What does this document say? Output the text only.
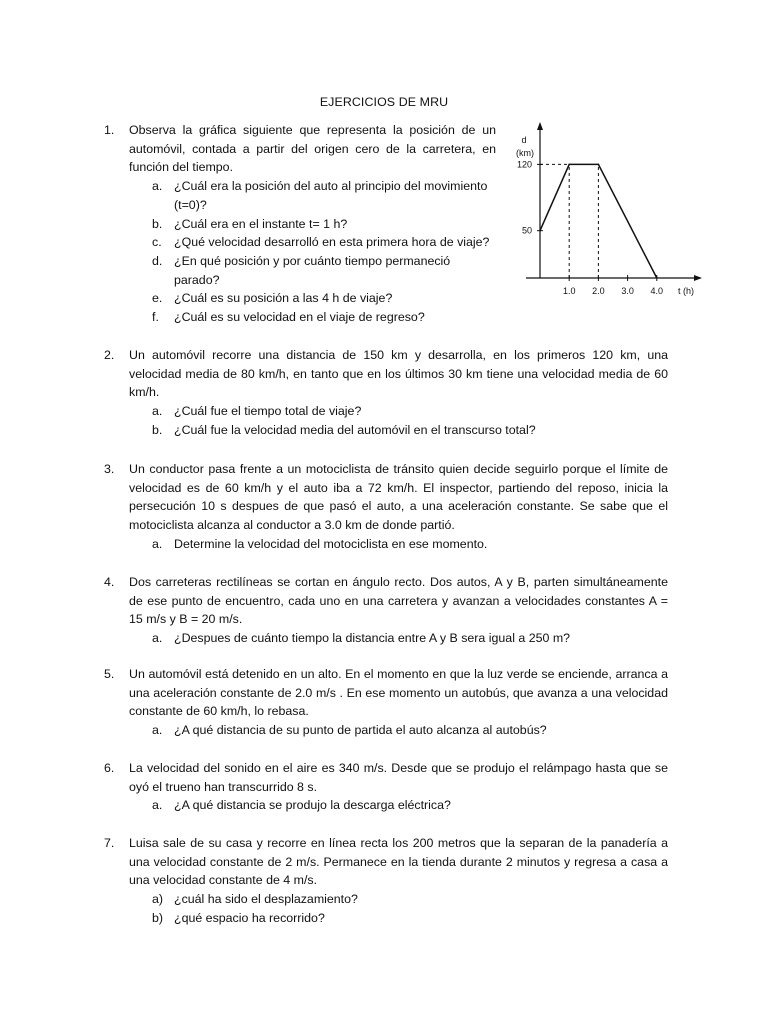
EJERCICIOS DE MRU
1. Observa la gráfica siguiente que representa la posición de un automóvil, contada a partir del origen cero de la carretera, en función del tiempo.
a. ¿Cuál era la posición del auto al principio del movimiento (t=0)?
b. ¿Cuál era en el instante t= 1 h?
c. ¿Qué velocidad desarrolló en esta primera hora de viaje?
d. ¿En qué posición y por cuánto tiempo permaneció parado?
e. ¿Cuál es su posición a las 4 h de viaje?
f. ¿Cuál es su velocidad en el viaje de regreso?
d
(km)
t (h)
1.0 2.0 3.0 4.0
50
120
2. Un automóvil recorre una distancia de 150 km y desarrolla, en los primeros 120 km, una velocidad media de 80 km/h, en tanto que en los últimos 30 km tiene una velocidad media de 60 km/h.
a. ¿Cuál fue el tiempo total de viaje?
b. ¿Cuál fue la velocidad media del automóvil en el transcurso total?
3. Un conductor pasa frente a un motociclista de tránsito quien decide seguirlo porque el límite de velocidad es de 60 km/h y el auto iba a 72 km/h. El inspector, partiendo del reposo, inicia la persecución 10 s despues de que pasó el auto, a una aceleración constante. Se sabe que el motociclista alcanza al conductor a 3.0 km de donde partió.
a. Determine la velocidad del motociclista en ese momento.
4. Dos carreteras rectilíneas se cortan en ángulo recto. Dos autos, A y B, parten simultáneamente de ese punto de encuentro, cada uno en una carretera y avanzan a velocidades constantes A = 15 m/s y B = 20 m/s.
a. ¿Despues de cuánto tiempo la distancia entre A y B sera igual a 250 m?
5. Un automóvil está detenido en un alto. En el momento en que la luz verde se enciende, arranca a una aceleración constante de 2.0 m/s . En ese momento un autobús, que avanza a una velocidad constante de 60 km/h, lo rebasa.
a. ¿A qué distancia de su punto de partida el auto alcanza al autobús?
6. La velocidad del sonido en el aire es 340 m/s. Desde que se produjo el relámpago hasta que se oyó el trueno han transcurrido 8 s.
a. ¿A qué distancia se produjo la descarga eléctrica?
7. Luisa sale de su casa y recorre en línea recta los 200 metros que la separan de la panadería a una velocidad constante de 2 m/s. Permanece en la tienda durante 2 minutos y regresa a casa a una velocidad constante de 4 m/s.
a) ¿cuál ha sido el desplazamiento?
b) ¿qué espacio ha recorrido?
